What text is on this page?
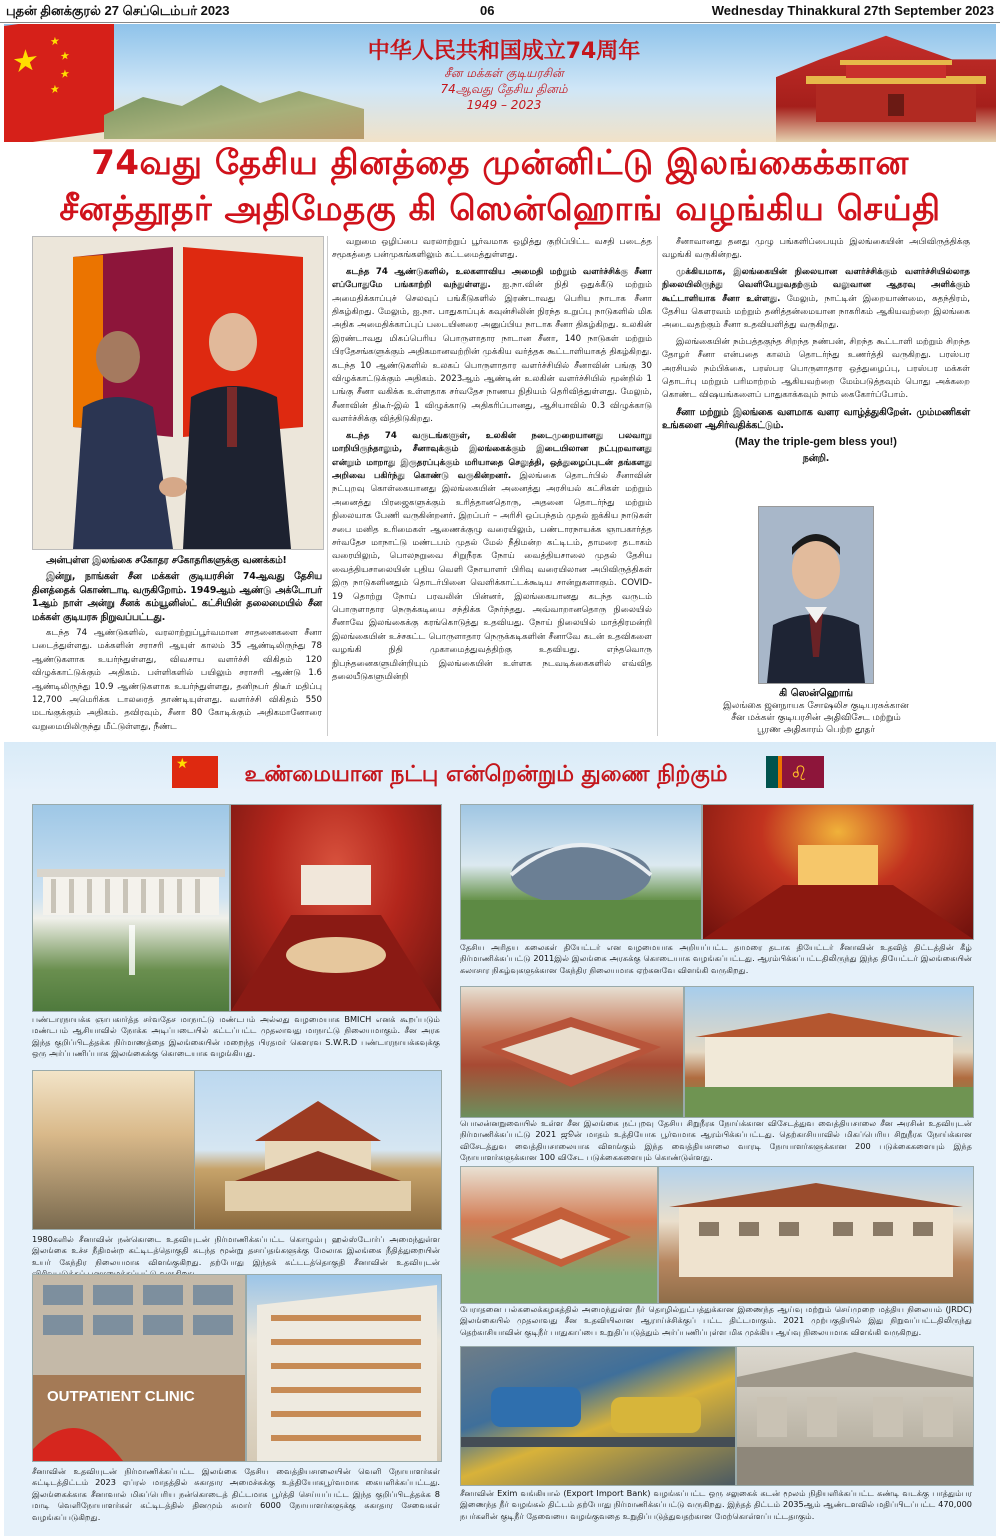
புதன் தினக்குரல் 27 செப்டெம்பர் 2023	06	Wednesday Thinakkural 27th September 2023
★
★
★
★
★
中华人民共和国成立74周年
சீன மக்கள் குடியரசின்
74ஆவது தேசிய தினம்
1949 – 2023
74வது தேசிய தினத்தை முன்னிட்டு இலங்கைக்கான
சீனத்தூதர் அதிமேதகு கி ஸென்ஹொங் வழங்கிய செய்தி

அன்புள்ள இலங்கை சகோதர சகோதரிகளுக்கு வணக்கம்!

இன்று, நாங்கள் சீன மக்கள் குடியரசின் 74ஆவது தேசிய தினத்தைக் கொண்டாடி வருகிறோம். 1949ஆம் ஆண்டு அக்டோபர் 1ஆம் நாள் அன்று சீனக் கம்யூனிஸ்ட் கட்சியின் தலைமையில் சீன மக்கள் குடியரசு நிறுவப்பட்டது.

கடந்த 74 ஆண்டுகளில், வரலாற்றுப்பூர்வமான சாதனைகளை சீனா படைத்துள்ளது. மக்களின் சராசரி ஆயுள் காலம் 35 ஆண்டிலிருந்து 78 ஆண்டுகளாக உயர்ந்துள்ளது, விவசாய வளர்ச்சி விகிதம் 120 விழுக்காட்டுக்கும் அதிகம். பள்ளிகளில் பயிலும் சராசரி ஆண்டு 1.6 ஆண்டிலிருந்து 10.9 ஆண்டுகளாக உயர்ந்துள்ளது, தனிநபர் திடீர் மதிப்பு 12,700 அமெரிக்க டாலரைத் தாண்டியுள்ளது. வளர்ச்சி விகிதம் 550 மடங்குக்கும் அதிகம். தவிரவும், சீனா 80 கோடிக்கும் அதிகமானோரை வறுமையிலிருந்து மீட்டுள்ளது, நீண்ட

வறுமை ஒழிப்பை வரலாற்றுப் பூர்வமாக ஒழித்து குறிப்பிட்ட வசதி படைத்த சமூகத்தை பன்முகங்களிலும் கட்டமைத்துள்ளது.

கடந்த 74 ஆண்டுகளில், உலகளாவிய அமைதி மற்றும் வளர்ச்சிக்கு சீனா எப்போதுமே பங்காற்றி வந்துள்ளது. ஐ.நா.வின் நிதி ஒதுக்கீடு மற்றும் அமைதிக்காப்புச் செலவுப் பங்கீடுகளில் இரண்டாவது பெரிய நாடாக சீனா திகழ்கிறது. மேலும், ஐ.நா. பாதுகாப்புக் கவுன்சிலின் நிரந்த உறுப்பு நாடுகளில் மிக அதிக அமைதிக்காப்புப் படையினரை அனுப்பிய நாடாக சீனா திகழ்கிறது. உலகின் இரண்டாவது மிகப்பெரிய பொருளாதார நாடான சீனா, 140 நாடுகள் மற்றும் பிரதேசங்களுக்கும் அதிகமானவற்றின் முக்கிய வர்த்தக கூட்டாளியாகத் திகழ்கிறது. கடந்த 10 ஆண்டுகளில் உலகப் பொருளாதார வளர்ச்சியில் சீனாவின் பங்கு 30 விழுக்காட்டுக்கும் அதிகம். 2023ஆம் ஆண்டின் உலகின் வளர்ச்சியில் மூன்றில் 1 பங்கு சீனா வகிக்க உள்ளதாக சர்வதேச நாணய நிதியம் தெரிவித்துள்ளது. மேலும், சீனாவின் திடீர்-இல் 1 விழுக்காடு அதிகரிப்பானது, ஆசியாவில் 0.3 விழுக்காடு வளர்ச்சிக்கு வித்திடுகிறது.

கடந்த 74 வருடங்களுள், உலகின் நடைமுறையானது பலவாறு மாறியிருந்தாலும், சீனாவுக்கும் இலங்கைக்கும் இடையிலான நட்புறவானது என்றும் மாறாது இருதரப்புக்கும் மரியாதை செலுத்தி, ஒத்துழைப்புடன் தங்களது அறிவை பகிர்ந்து கொண்டு வருகின்றனர். இலங்கை தொடர்பில் சீனாவின் நட்புறவு கொள்கையானது இலங்கையின் அனைத்து அரசியல் கட்சிகள் மற்றும் அனைத்து பிரஜைகளுக்கும் உரித்தானதொரு, அதனை தொடர்ந்து மற்றும் நிலையாக பேணி வருகின்றனர். இறப்பர் – அரிசி ஒப்பந்தம் முதல் ஐக்கிய நாடுகள் சபை மனித உரிமைகள் ஆணைக்குழு வரையிலும், பண்டாரநாயக்க ஞாபகார்த்த சர்வதேச மாநாட்டு மண்டபம் முதல் மேல் நீதிமன்ற கட்டிடம், தாமரை தடாகம் வரையிலும், பொலநறுவை சிறுநீரக நோய் வைத்தியசாலை முதல் தேசிய வைத்தியசாலையின் புதிய வெளி நோயாளர் பிரிவு வரையிலான அபிவிருத்திகள் இரு நாடுகளினதும் தொடர்பினை வெளிக்காட்டக்கூடிய சான்றுகளாகும். COVID-19 தொற்று நோய் பரவலின் பின்னர், இலங்கையானது கடந்த வருடம் பொருளாதார நெருக்கடியை சந்திக்க நேர்ந்தது. அவ்வாறானதொரு நிலையில் சீனாவே இலங்கைக்கு கரங்கொடுத்து உதவியது. நோய் நிலையில் மாத்திரமன்றி இலங்கையின் உச்சகட்ட பொருளாதார நெருக்கடிகளின் சீனாவே கடன் உதவிகளை வழங்கி நிதி முகாமைத்துவத்திற்கு உதவியது. எந்தவொரு நிபந்தனைகளுமின்றியும் இலங்கையின் உள்ளக நடவடிக்கைகளில் எவ்வித தலையீடுகளுமின்றி

சீனாவானது தனது முழு பங்களிப்பையும் இலங்கையின் அபிவிருத்திக்கு வழங்கி வருகின்றது.

முக்கியமாக, இலங்கையின் நிலையான வளர்ச்சிக்கும் வளர்ச்சியில்லாத நிலையிலிருந்து வெளியேறுவதற்கும் வலுவான ஆதரவு அளிக்கும் கூட்டாளியாக சீனா உள்ளது. மேலும், நாட்டின் இறையாண்மை, சுதந்திரம், தேசிய கௌரவம் மற்றும் தனித்தன்மையான நாகரிகம் ஆகியவற்றை இலங்கை அடைவதற்கும் சீனா உதவியளித்து வருகிறது.

இலங்கையின் நம்பத்தகுந்த சிறந்த நண்பன், சிறந்த கூட்டாளி மற்றும் சிறந்த தோழர் சீனா என்பதை காலம் தொடர்ந்து உணர்த்தி வருகிறது. பரஸ்பர அரசியல் நம்பிக்கை, பரஸ்பர பொருளாதார ஒத்துழைப்பு, பரஸ்பர மக்கள் தொடர்பு மற்றும் பரிமாற்றம் ஆகியவற்றை மேம்படுத்தவும் பொது அக்கறை கொண்ட விஷயங்களைப் பாதுகாக்கவும் நாம் கைகோர்ப்போம்.

சீனா மற்றும் இலங்கை வளமாக வளர வாழ்த்துகிறேன். மும்மணிகள் உங்களை ஆசிர்வதிக்கட்டும்.

(May the triple-gem bless you!)

நன்றி.

கி ஸென்ஹொங்
இலங்கை ஜனநாயக சோஷலிச குடியரசுக்கான
சீன மக்கள் குடியரசின் அதிவிசேட மற்றும்
பூரண அதிகாரம் பெற்ற தூதர்
★
உண்மையான நட்பு என்றென்றும் துணை நிற்கும்	♌
பண்டாரநாயக்க ஞாபகார்த்த சர்வதேச மாநாட்டு மண்டபம் அல்லது வழமையாக BMICH எனக் கூறப்படும் மண்டபம் ஆசியாவில் நோக்க அடிப்படையில் கட்டப்பட்ட முதலாவது மாநாட்டு நிலையமாகும். சீன அரசு இந்த குறிப்பிடத்தக்க நிர்மாணத்தை இலங்கையின் மறைந்த பிரதமர் கௌரவ S.W.R.D பண்டாரநாயக்கவுக்கு ஒரு அர்ப்பணிப்பாக இலங்கைக்கு கொடையாக வழங்கியது.
1980களில் சீனாவின் நன்கொடை உதவியுடன் நிர்மாணிக்கப்பட்ட கொழும்பு ஹல்ஸ்டோர்ப் அமைந்துள்ள இலங்கை உச்ச நீதிமன்ற கட்டிடத்தொகுதி கடந்த மூன்று தசாப்தங்களுக்கு மேலாக இலங்கை நீதித்துறையின் உயர் கேந்திர நிலையமாக விளங்குகிறது. தற்போது இந்தக் கட்டடத்தொகுதி சீனாவின் உதவியுடன்
OUTPATIENT CLINIC
சீனாவின் உதவியுடன் நிர்மாணிக்கப்பட்ட இலங்கை தேசிய வைத்தியசாலையின் வெளி நோயாளர்கள் கட்டிடத்திட்டம் 2023 ஏப்ரல் மாதத்தில் சுகாதார அமைச்சுக்கு உத்தியோகபூர்வமாக கையளிக்கப்பட்டது. இலங்கைக்காக சீனாவால் மிகப்பெரிய நன்கொடைத் திட்டமாக பூர்த்தி செய்யப்பட்ட இந்த குறிப்பிடத்தக்க 8 மாடி வெளிநோயாளர்கள் கட்டிடத்தில் தினமும் சுமார் 6000 நோயாளர்களுக்கு சுகாதார சேவைகள் வழங்கப்படுகிறது.
தேசிய அரிதய கலைகள் தியேட்டர் என வழமையாக அறியப்பட்ட தாமரை தடாக தியேட்டர் சீனாவின் உதவித் திட்டத்தின் கீழ் நிர்மாணிக்கப்பட்டு 2011இல் இலங்கை அரசுக்கு கொடையாக வழங்கப்பட்டது. ஆரம்பிக்கப்பட்டதிலிருந்து இந்த தியேட்டர் இலங்கையின் கலாசார நிகழ்வுகளுக்கான கேந்திர நிலையமாக ஏற்கனவே விளங்கி வருகிறது.
பொலன்னறுவையில் உள்ள சீன இலங்கை நட்புறவு தேசிய சிறுநீரக நோய்க்கான விசேடத்துவ வைத்தியசாலை சீன அரசின் உதவியுடன் நிர்மாணிக்கப்பட்டு 2021 ஜூன் மாதம் உத்தியோக பூர்வமாக ஆரம்பிக்கப்பட்டது. தெற்காசியாவில் மிகப்பெரிய சிறுநீரக நோய்க்கான விசேடத்துவ வைத்தியசாலையாக விளங்கும் இந்த வைத்தியசாலை வாரடி நோயாளர்களுக்கான 200 படுக்கைகளையும் இந்த நோயாளர்களுக்கான 100 விசேட படுக்கைகளையும் கொண்டுள்ளது.
பேராதனை பல்கலைக்கழகத்தில் அமைந்துள்ள நீர் தொழில்நுட்பத்துக்கான இணைந்த ஆய்வு மற்றும் செய்முறை மத்திய நிலையம் (JRDC) இலங்கையில் முதலாவது சீன உதவியிலான ஆராய்ச்சிக்குப் பட்ட திட்டமாகும். 2021 முற்பகுதியில் இது நிறுவப்பட்டதிலிருந்து தெற்காசியாவின் குடிநீர் பாதுகாப்பை உறுதிப்படுத்தும் அர்ப்பணிப்புள்ள மிக முக்கிய ஆய்வு நிலையமாக விளங்கி வருகிறது.
சீனாவின் Exim வங்கியால் (Export Import Bank) வழங்கப்பட்ட ஒரு சலுகைக் கடன் மூலம் நிதியளிக்கப்பட்ட கண்டி வடக்கு பாத்தும்பர இணைந்த நீர் வழங்கல் திட்டம் தற்போது நிர்மாணிக்கப்பட்டு வருகிறது. இந்தத் திட்டம் 2035ஆம் ஆண்டளவில் மதிப்பிடப்பட்ட 470,000 நபர்களின் குடிநீர் தேவையை வழங்குவதை உறுதிப்படுத்துவதற்கான மேற்கொள்ளப்பட்டதாகும்.
